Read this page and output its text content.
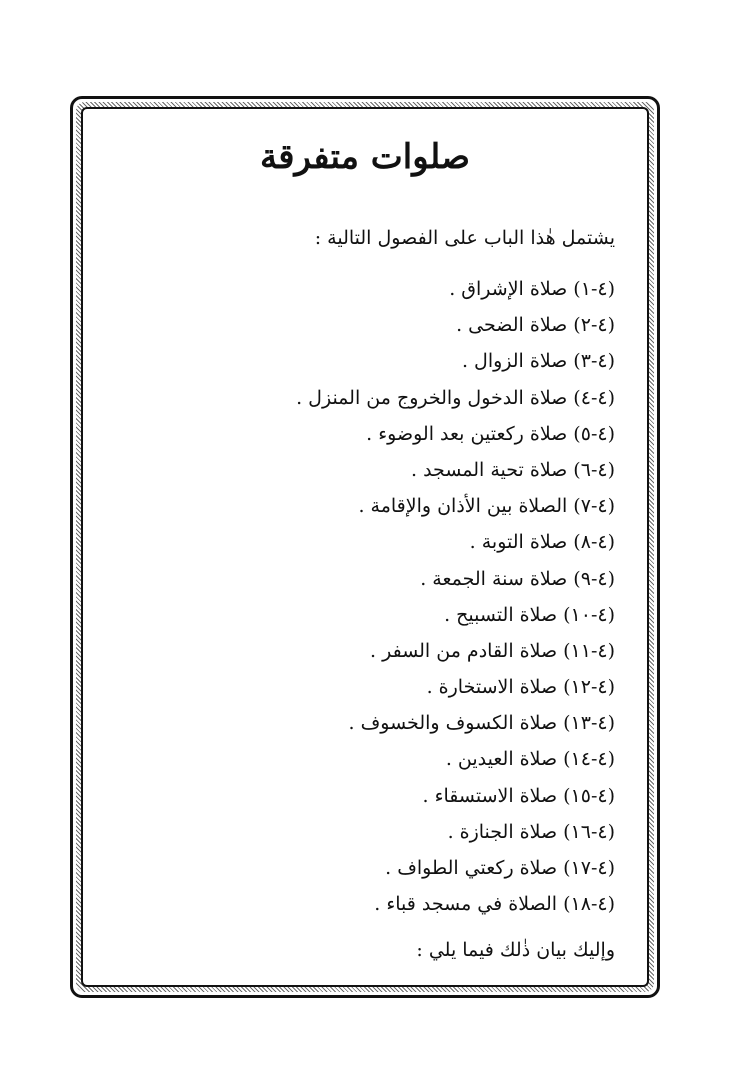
صلوات متفرقة

يشتمل هٰذا الباب على الفصول التالية :

(٤-١)صلاة الإشراق .
(٤-٢)صلاة الضحى .
(٤-٣)صلاة الزوال .
(٤-٤)صلاة الدخول والخروج من المنزل .
(٤-٥)صلاة ركعتين بعد الوضوء .
(٤-٦)صلاة تحية المسجد .
(٤-٧)الصلاة بين الأذان والإقامة .
(٤-٨)صلاة التوبة .
(٤-٩)صلاة سنة الجمعة .
(٤-١٠)صلاة التسبيح .
(٤-١١)صلاة القادم من السفر .
(٤-١٢)صلاة الاستخارة .
(٤-١٣)صلاة الكسوف والخسوف .
(٤-١٤)صلاة العيدين .
(٤-١٥)صلاة الاستسقاء .
(٤-١٦)صلاة الجنازة .
(٤-١٧)صلاة ركعتي الطواف .
(٤-١٨)الصلاة في مسجد قباء .

وإليك بيان ذٰلك فيما يلي :
